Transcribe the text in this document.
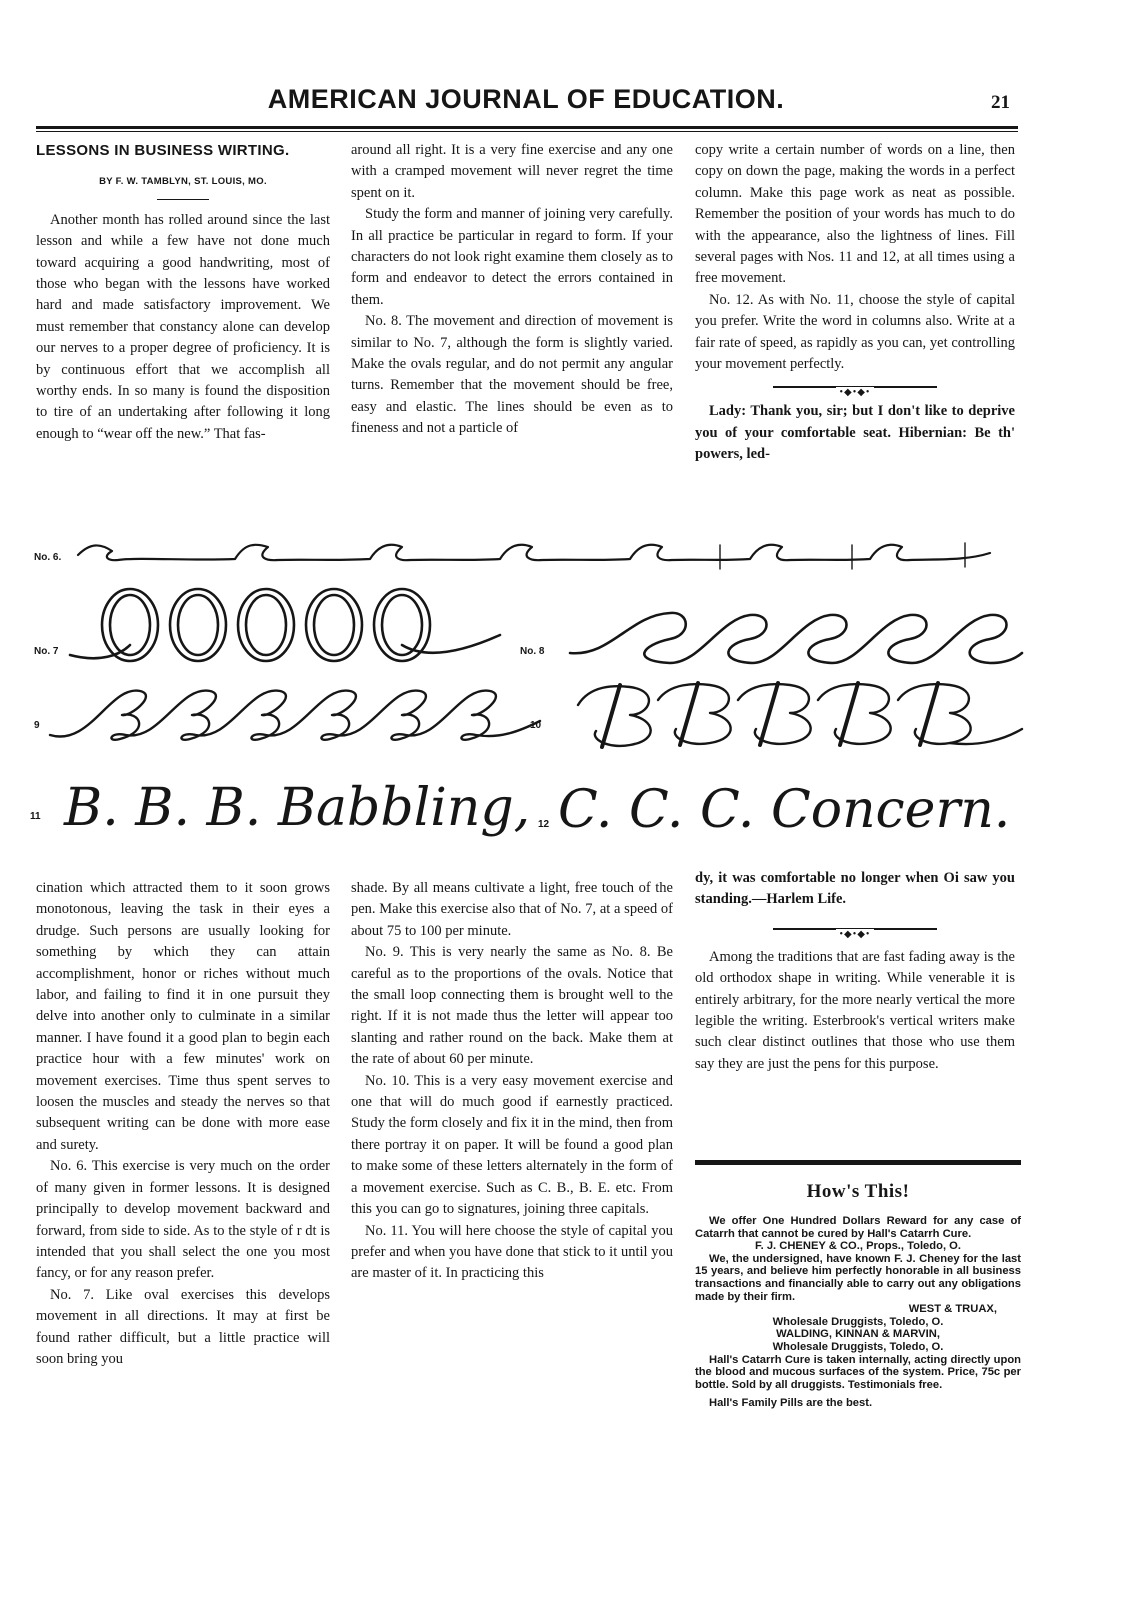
AMERICAN JOURNAL OF EDUCATION.	21
LESSONS IN BUSINESS WIRTING.
BY F. W. TAMBLYN, ST. LOUIS, MO.

Another month has rolled around since the last lesson and while a few have not done much toward acquiring a good handwriting, most of those who began with the lessons have worked hard and made satisfactory improvement. We must remember that constancy alone can develop our nerves to a proper degree of proficiency. It is by continuous effort that we accomplish all worthy ends. In so many is found the disposition to tire of an undertaking after following it long enough to “wear off the new.” That fas-

around all right. It is a very fine exercise and any one with a cramped movement will never regret the time spent on it.

Study the form and manner of joining very carefully. In all practice be particular in regard to form. If your characters do not look right examine them closely as to form and endeavor to detect the errors contained in them.

No. 8. The movement and direction of movement is similar to No. 7, although the form is slightly varied. Make the ovals regular, and do not permit any angular turns. Remember that the movement should be free, easy and elastic. The lines should be even as to fineness and not a particle of

copy write a certain number of words on a line, then copy on down the page, making the words in a perfect column. Make this page work as neat as possible. Remember the position of your words has much to do with the appearance, also the lightness of lines. Fill several pages with Nos. 11 and 12, at all times using a free movement.

No. 12. As with No. 11, choose the style of capital you prefer. Write the word in columns also. Write at a fair rate of speed, as rapidly as you can, yet controlling your movement perfectly.

•◆•◆•

Lady: Thank you, sir; but I don't like to deprive you of your comfortable seat. Hibernian: Be th' powers, led-

No. 6.
No. 7	No. 8
9	10
11
12
B. B. B. Babbling, C. C. C. Concern.

cination which attracted them to it soon grows monotonous, leaving the task in their eyes a drudge. Such persons are usually looking for something by which they can attain accomplishment, honor or riches without much labor, and failing to find it in one pursuit they delve into another only to culminate in a similar manner. I have found it a good plan to begin each practice hour with a few minutes' work on movement exercises. Time thus spent serves to loosen the muscles and steady the nerves so that subsequent writing can be done with more ease and surety.

No. 6. This exercise is very much on the order of many given in former lessons. It is designed principally to develop movement backward and forward, from side to side. As to the style of r dt is intended that you shall select the one you most fancy, or for any reason prefer.

No. 7. Like oval exercises this develops movement in all directions. It may at first be found rather difficult, but a little practice will soon bring you

shade. By all means cultivate a light, free touch of the pen. Make this exercise also that of No. 7, at a speed of about 75 to 100 per minute.

No. 9. This is very nearly the same as No. 8. Be careful as to the proportions of the ovals. Notice that the small loop connecting them is brought well to the right. If it is not made thus the letter will appear too slanting and rather round on the back. Make them at the rate of about 60 per minute.

No. 10. This is a very easy movement exercise and one that will do much good if earnestly practiced. Study the form closely and fix it in the mind, then from there portray it on paper. It will be found a good plan to make some of these letters alternately in the form of a movement exercise. Such as C. B., B. E. etc. From this you can go to signatures, joining three capitals.

No. 11. You will here choose the style of capital you prefer and when you have done that stick to it until you are master of it. In practicing this

dy, it was comfortable no longer when Oi saw you standing.—Harlem Life.

•◆•◆•

Among the traditions that are fast fading away is the old orthodox shape in writing. While venerable it is entirely arbitrary, for the more nearly vertical the more legible the writing. Esterbrook's vertical writers make such clear distinct outlines that those who use them say they are just the pens for this purpose.

How's This!

We offer One Hundred Dollars Reward for any case of Catarrh that cannot be cured by Hall's Catarrh Cure.

F. J. CHENEY & CO., Props., Toledo, O.

We, the undersigned, have known F. J. Cheney for the last 15 years, and believe him perfectly honorable in all business transactions and financially able to carry out any obligations made by their firm.

WEST & TRUAX,
Wholesale Druggists, Toledo, O.
WALDING, KINNAN & MARVIN,
Wholesale Druggists, Toledo, O.

Hall's Catarrh Cure is taken internally, acting directly upon the blood and mucous surfaces of the system. Price, 75c per bottle. Sold by all druggists. Testimonials free.

Hall's Family Pills are the best.
